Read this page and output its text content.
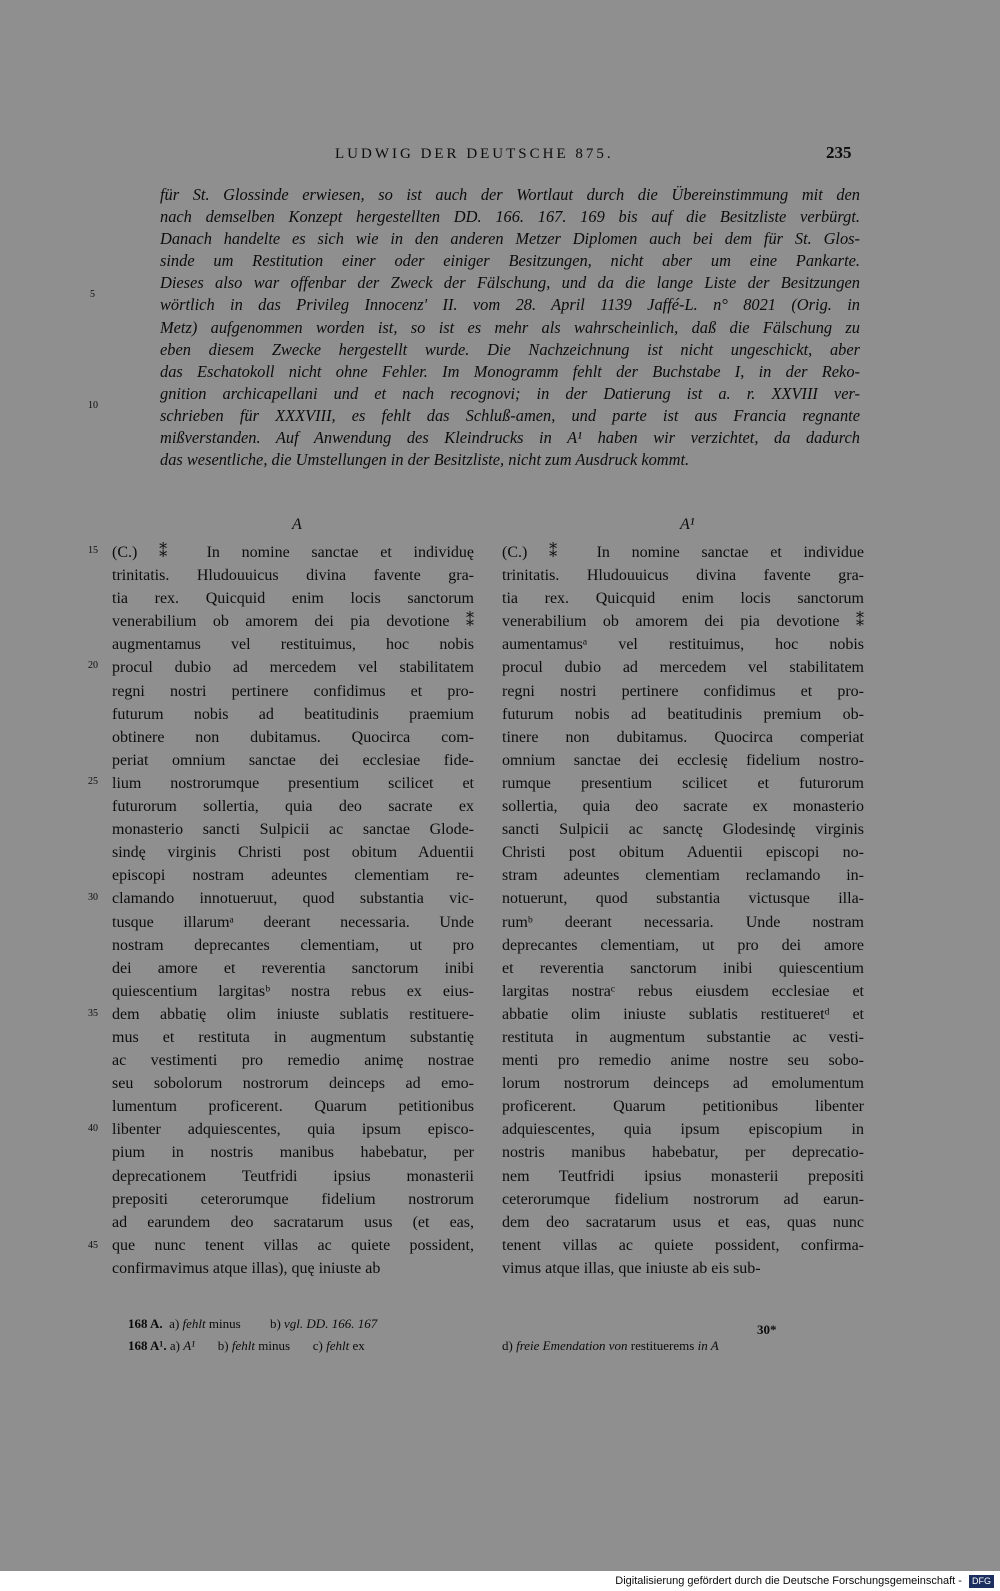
LUDWIG DER DEUTSCHE 875.	235
für St. Glossinde erwiesen, so ist auch der Wortlaut durch die Übereinstimmung mit den
nach demselben Konzept hergestellten DD. 166. 167. 169 bis auf die Besitzliste verbürgt.
Danach handelte es sich wie in den anderen Metzer Diplomen auch bei dem für St. Glos-
sinde um Restitution einer oder einiger Besitzungen, nicht aber um eine Pankarte.
Dieses also war offenbar der Zweck der Fälschung, und da die lange Liste der Besitzungen
wörtlich in das Privileg Innocenz' II. vom 28. April 1139 Jaffé-L. n° 8021 (Orig. in
Metz) aufgenommen worden ist, so ist es mehr als wahrscheinlich, daß die Fälschung zu
eben diesem Zwecke hergestellt wurde. Die Nachzeichnung ist nicht ungeschickt, aber
das Eschatokoll nicht ohne Fehler. Im Monogramm fehlt der Buchstabe I, in der Reko-
gnition archicapellani und et nach recognovi; in der Datierung ist a. r. XXVIII ver-
schrieben für XXXVIII, es fehlt das Schluß-amen, und parte ist aus Francia regnante
mißverstanden. Auf Anwendung des Kleindrucks in A¹ haben wir verzichtet, da dadurch
das wesentliche, die Umstellungen in der Besitzliste, nicht zum Ausdruck kommt.
5
10
15
20
25
30
35
40
45
A	A¹
(C.) ⁑ In nomine sanctae et individuę
trinitatis. Hludouuicus divina favente gra-
tia rex. Quicquid enim locis sanctorum
venerabilium ob amorem dei pia devotione ⁑
augmentamus vel restituimus, hoc nobis
procul dubio ad mercedem vel stabilitatem
regni nostri pertinere confidimus et pro-
futurum nobis ad beatitudinis praemium
obtinere non dubitamus. Quocirca com-
periat omnium sanctae dei ecclesiae fide-
lium nostrorumque presentium scilicet et
futurorum sollertia, quia deo sacrate ex
monasterio sancti Sulpicii ac sanctae Glode-
sindę virginis Christi post obitum Aduentii
episcopi nostram adeuntes clementiam re-
clamando innotueruut, quod substantia vic-
tusque illarumᵃ deerant necessaria. Unde
nostram deprecantes clementiam, ut pro
dei amore et reverentia sanctorum inibi
quiescentium largitasᵇ nostra rebus ex eius-
dem abbatię olim iniuste sublatis restituere-
mus et restituta in augmentum substantię
ac vestimenti pro remedio animę nostrae
seu sobolorum nostrorum deinceps ad emo-
lumentum proficerent. Quarum petitionibus
libenter adquiescentes, quia ipsum episco-
pium in nostris manibus habebatur, per
deprecationem Teutfridi ipsius monasterii
prepositi ceterorumque fidelium nostrorum
ad earundem deo sacratarum usus (et eas,
que nunc tenent villas ac quiete possident,
confirmavimus atque illas), quę iniuste ab
(C.) ⁑ In nomine sanctae et individue
trinitatis. Hludouuicus divina favente gra-
tia rex. Quicquid enim locis sanctorum
venerabilium ob amorem dei pia devotione ⁑
aumentamusᵃ vel restituimus, hoc nobis
procul dubio ad mercedem vel stabilitatem
regni nostri pertinere confidimus et pro-
futurum nobis ad beatitudinis premium ob-
tinere non dubitamus. Quocirca comperiat
omnium sanctae dei ecclesię fidelium nostro-
rumque presentium scilicet et futurorum
sollertia, quia deo sacrate ex monasterio
sancti Sulpicii ac sanctę Glodesindę virginis
Christi post obitum Aduentii episcopi no-
stram adeuntes clementiam reclamando in-
notuerunt, quod substantia victusque illa-
rumᵇ deerant necessaria. Unde nostram
deprecantes clementiam, ut pro dei amore
et reverentia sanctorum inibi quiescentium
largitas nostraᶜ rebus eiusdem ecclesiae et
abbatie olim iniuste sublatis restitueretᵈ et
restituta in augmentum substantie ac vesti-
menti pro remedio anime nostre seu sobo-
lorum nostrorum deinceps ad emolumentum
proficerent. Quarum petitionibus libenter
adquiescentes, quia ipsum episcopium in
nostris manibus habebatur, per deprecatio-
nem Teutfridi ipsius monasterii prepositi
ceterorumque fidelium nostrorum ad earun-
dem deo sacratarum usus et eas, quas nunc
tenent villas ac quiete possident, confirma-
vimus atque illas, que iniuste ab eis sub-
168 A. a) fehlt minus b) vgl. DD. 166. 167
168 A¹. a) A¹ b) fehlt minus c) fehlt ex	d) freie Emendation von restituerems in A
30*
Digitalisierung gefördert durch die Deutsche Forschungsgemeinschaft - DFG
